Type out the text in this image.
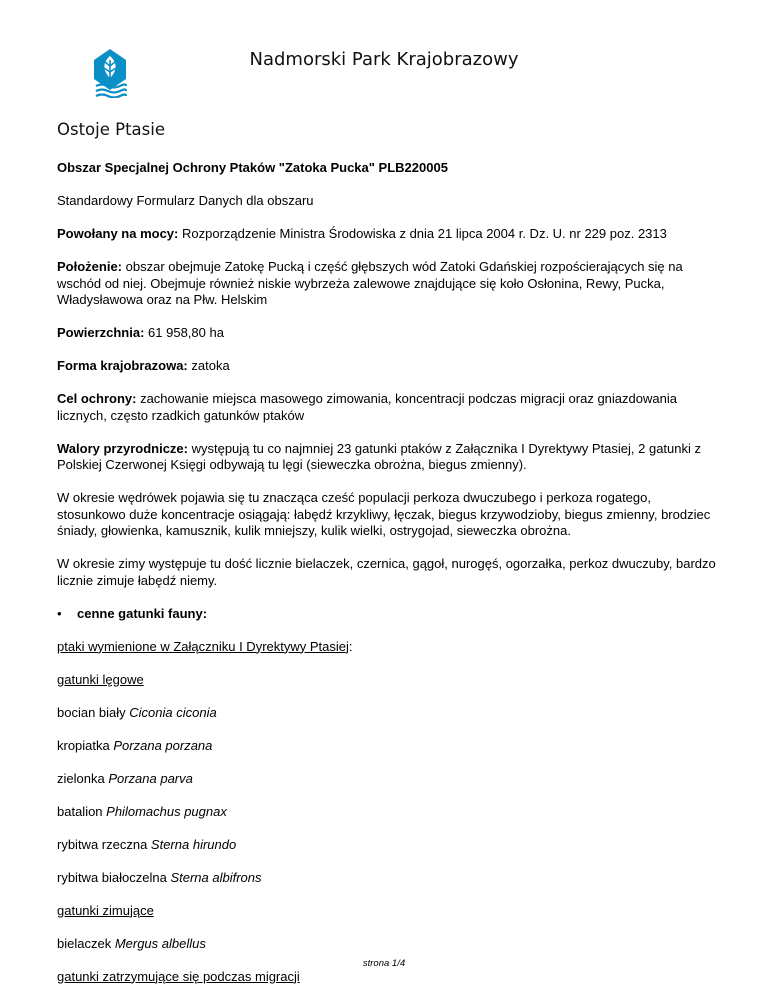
Nadmorski Park Krajobrazowy
Ostoje Ptasie

Obszar Specjalnej Ochrony Ptaków "Zatoka Pucka" PLB220005

Standardowy Formularz Danych dla obszaru

Powołany na mocy: Rozporządzenie Ministra Środowiska z dnia 21 lipca 2004 r. Dz. U. nr 229 poz. 2313

Położenie: obszar obejmuje Zatokę Pucką i część głębszych wód Zatoki Gdańskiej rozpościerających się na wschód od niej. Obejmuje również niskie wybrzeża zalewowe znajdujące się koło Osłonina, Rewy, Pucka, Władysławowa oraz na Płw. Helskim

Powierzchnia: 61 958,80 ha

Forma krajobrazowa: zatoka

Cel ochrony: zachowanie miejsca masowego zimowania, koncentracji podczas migracji oraz gniazdowania licznych, często rzadkich gatunków ptaków

Walory przyrodnicze: występują tu co najmniej 23 gatunki ptaków z Załącznika I Dyrektywy Ptasiej, 2 gatunki z Polskiej Czerwonej Księgi odbywają tu lęgi (sieweczka obrożna, biegus zmienny).

W okresie wędrówek pojawia się tu znacząca cześć populacji perkoza dwuczubego i perkoza rogatego, stosunkowo duże koncentracje osiągają: łabędź krzykliwy, łęczak, biegus krzywodzioby, biegus zmienny, brodziec śniady, głowienka, kamusznik, kulik mniejszy, kulik wielki, ostrygojad, sieweczka obrożna.

W okresie zimy występuje tu dość licznie bielaczek, czernica, gągoł, nurogęś, ogorzałka, perkoz dwuczuby, bardzo licznie zimuje łabędź niemy.

•	cenne gatunki fauny:

ptaki wymienione w Załączniku I Dyrektywy Ptasiej:

gatunki lęgowe

bocian biały Ciconia ciconia

kropiatka Porzana porzana

zielonka Porzana parva

batalion Philomachus pugnax

rybitwa rzeczna Sterna hirundo

rybitwa białoczelna Sterna albifrons

gatunki zimujące

bielaczek Mergus albellus

gatunki zatrzymujące się podczas migracji

strona 1/4
